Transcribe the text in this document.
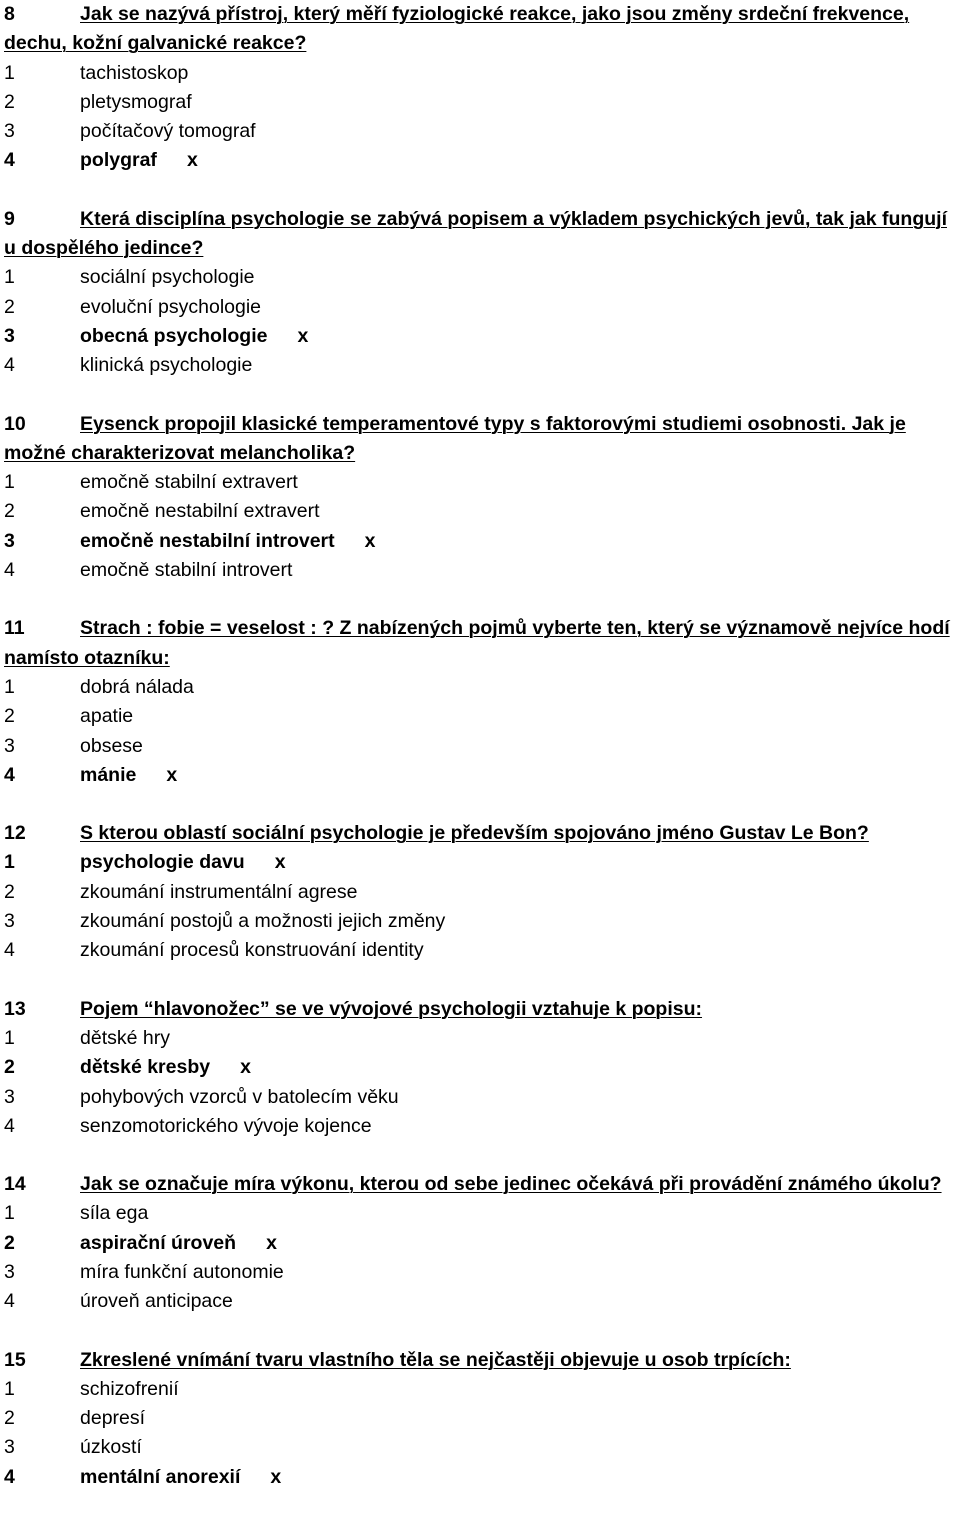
8	Jak se nazývá přístroj, který měří fyziologické reakce, jako jsou změny srdeční frekvence, dechu, kožní galvanické reakce?
1	tachistoskop
2	pletysmograf
3	počítačový tomograf
4	polygraf x
9	Která disciplína psychologie se zabývá popisem a výkladem psychických jevů, tak jak fungují u dospělého jedince?
1	sociální psychologie
2	evoluční psychologie
3	obecná psychologie x
4	klinická psychologie
10	Eysenck propojil klasické temperamentové typy s faktorovými studiemi osobnosti. Jak je možné charakterizovat melancholika?
1	emočně stabilní extravert
2	emočně nestabilní extravert
3	emočně nestabilní introvert x
4	emočně stabilní introvert
11	Strach : fobie = veselost : ? Z nabízených pojmů vyberte ten, který se významově nejvíce hodí namísto otazníku:
1	dobrá nálada
2	apatie
3	obsese
4	mánie x
12	S kterou oblastí sociální psychologie je především spojováno jméno Gustav Le Bon?
1	psychologie davu x
2	zkoumání instrumentální agrese
3	zkoumání postojů a možnosti jejich změny
4	zkoumání procesů konstruování identity
13	Pojem “hlavonožec” se ve vývojové psychologii vztahuje k popisu:
1	dětské hry
2	dětské kresby x
3	pohybových vzorců v batolecím věku
4	senzomotorického vývoje kojence
14	Jak se označuje míra výkonu, kterou od sebe jedinec očekává při provádění známého úkolu?
1	síla ega
2	aspirační úroveň x
3	míra funkční autonomie
4	úroveň anticipace
15	Zkreslené vnímání tvaru vlastního těla se nejčastěji objevuje u osob trpících:
1	schizofrenií
2	depresí
3	úzkostí
4	mentální anorexií x
